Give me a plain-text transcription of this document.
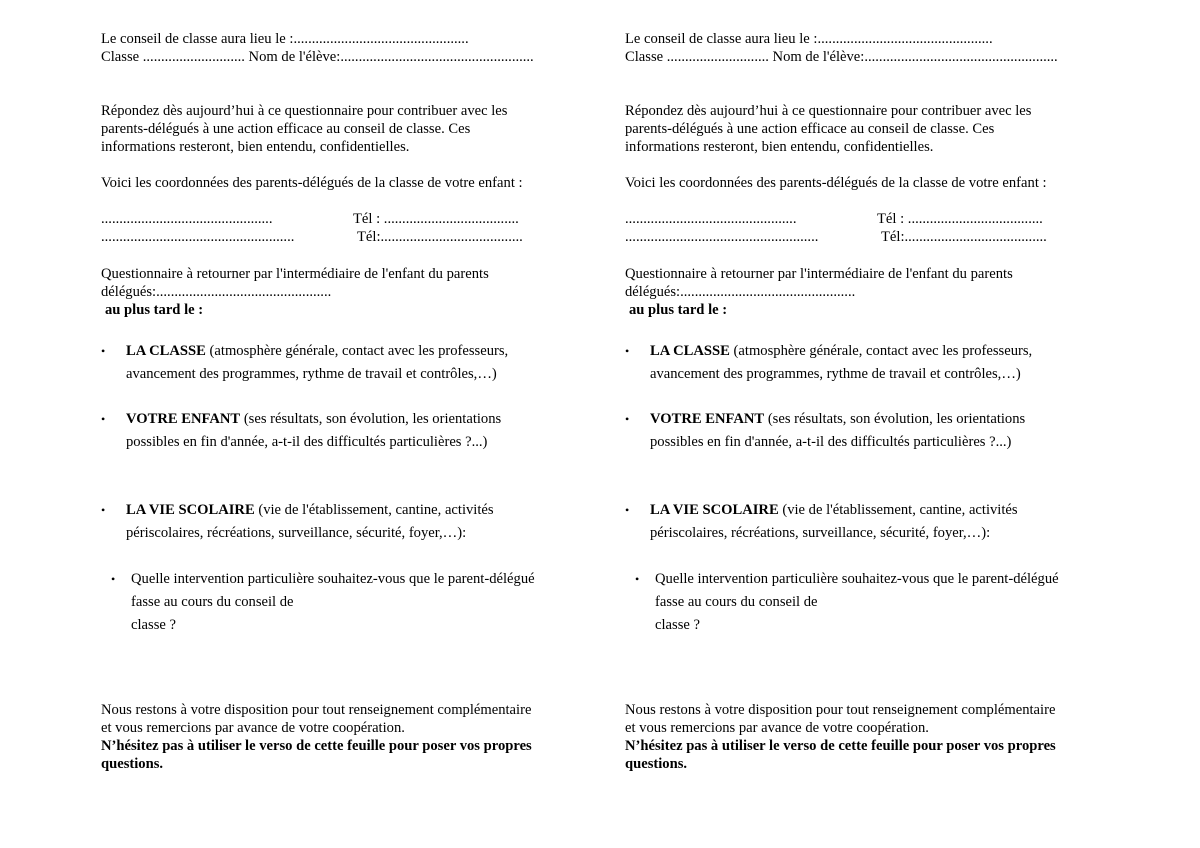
Le conseil de classe aura lieu le :................................................
Classe ............................ Nom de l'élève:.....................................................
Répondez dès aujourd’hui à ce questionnaire pour contribuer avec les
parents-délégués à une action efficace au conseil de classe. Ces
informations resteront, bien entendu, confidentielles.
Voici les coordonnées des parents-délégués de la classe de votre enfant :
...............................................	Tél : .....................................
.....................................................	Tél:.......................................
Questionnaire à retourner par l'intermédiaire de l'enfant du parents
délégués:................................................
au plus tard le :
• LA CLASSE (atmosphère générale, contact avec les professeurs,
avancement des programmes, rythme de travail et contrôles,…)
• VOTRE ENFANT (ses résultats, son évolution, les orientations
possibles en fin d'année, a-t-il des difficultés particulières ?...)
• LA VIE SCOLAIRE (vie de l'établissement, cantine, activités
périscolaires, récréations, surveillance, sécurité, foyer,…):
•	Quelle intervention particulière souhaitez-vous que le parent-délégué
fasse au cours du conseil de
classe ?
Nous restons à votre disposition pour tout renseignement complémentaire
et vous remercions par avance de votre coopération.
N’hésitez pas à utiliser le verso de cette feuille pour poser vos propres
questions.
Le conseil de classe aura lieu le :................................................
Classe ............................ Nom de l'élève:.....................................................
Répondez dès aujourd’hui à ce questionnaire pour contribuer avec les
parents-délégués à une action efficace au conseil de classe. Ces
informations resteront, bien entendu, confidentielles.
Voici les coordonnées des parents-délégués de la classe de votre enfant :
...............................................	Tél : .....................................
.....................................................	Tél:.......................................
Questionnaire à retourner par l'intermédiaire de l'enfant du parents
délégués:................................................
au plus tard le :
• LA CLASSE (atmosphère générale, contact avec les professeurs,
avancement des programmes, rythme de travail et contrôles,…)
• VOTRE ENFANT (ses résultats, son évolution, les orientations
possibles en fin d'année, a-t-il des difficultés particulières ?...)
• LA VIE SCOLAIRE (vie de l'établissement, cantine, activités
périscolaires, récréations, surveillance, sécurité, foyer,…):
•	Quelle intervention particulière souhaitez-vous que le parent-délégué
fasse au cours du conseil de
classe ?
Nous restons à votre disposition pour tout renseignement complémentaire
et vous remercions par avance de votre coopération.
N’hésitez pas à utiliser le verso de cette feuille pour poser vos propres
questions.
